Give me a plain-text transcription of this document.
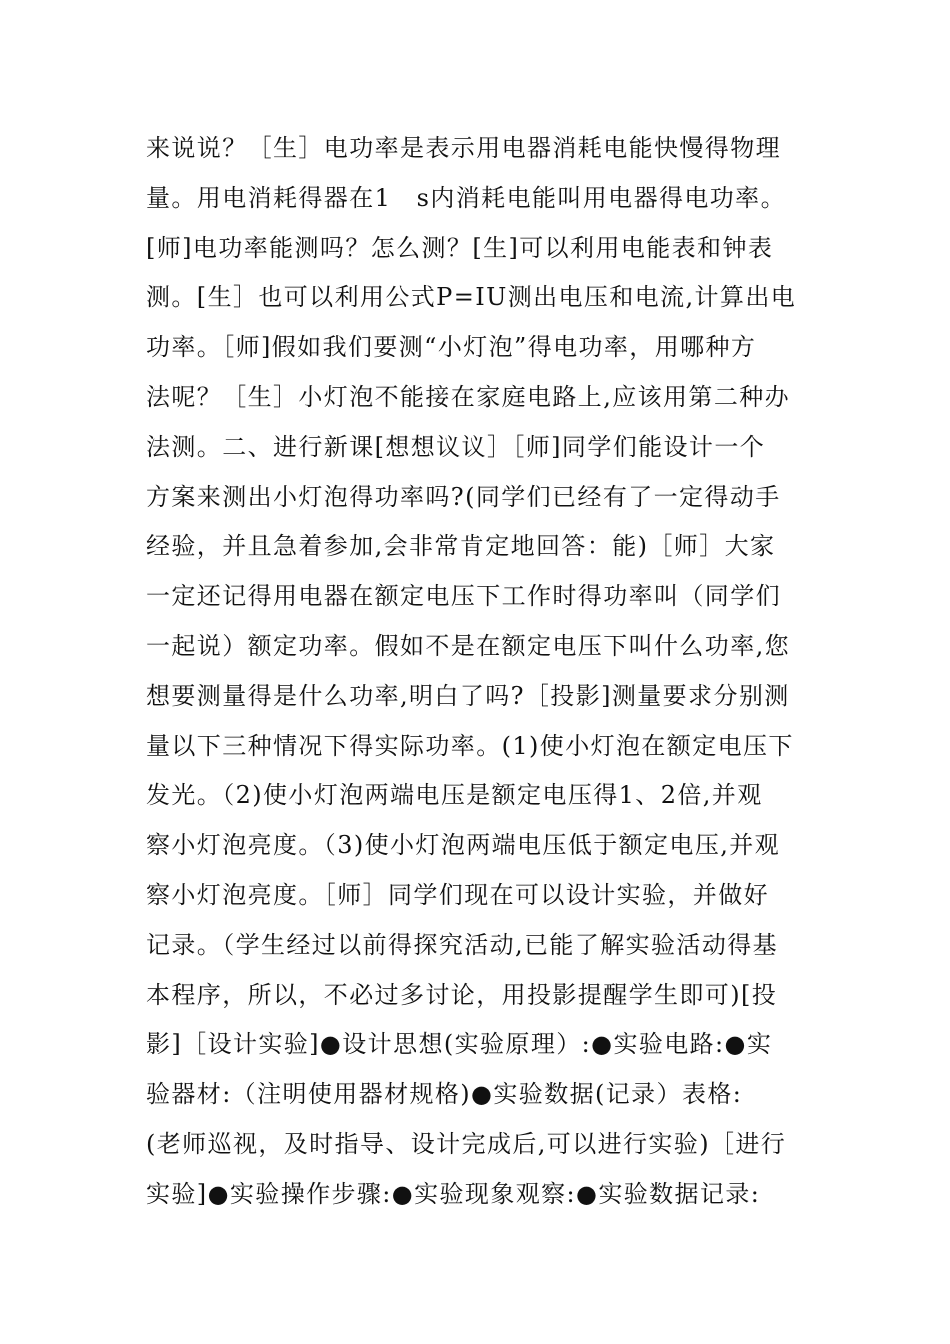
来说说？［生］电功率是表示用电器消耗电能快慢得物理
量。用电消耗得器在1　s内消耗电能叫用电器得电功率。
[师]电功率能测吗？怎么测？[生]可以利用电能表和钟表
测。[生］也可以利用公式P=IU测出电压和电流,计算出电
功率。［师]假如我们要测“小灯泡”得电功率，用哪种方
法呢？［生］小灯泡不能接在家庭电路上,应该用第二种办
法测。二、进行新课[想想议议］［师]同学们能设计一个
方案来测出小灯泡得功率吗?(同学们已经有了一定得动手
经验，并且急着参加,会非常肯定地回答：能)［师］大家
一定还记得用电器在额定电压下工作时得功率叫（同学们
一起说）额定功率。假如不是在额定电压下叫什么功率,您
想要测量得是什么功率,明白了吗?［投影]测量要求分别测
量以下三种情况下得实际功率。(1)使小灯泡在额定电压下
发光。（2)使小灯泡两端电压是额定电压得1、2倍,并观
察小灯泡亮度。（3)使小灯泡两端电压低于额定电压,并观
察小灯泡亮度。［师］同学们现在可以设计实验，并做好
记录。（学生经过以前得探究活动,已能了解实验活动得基
本程序，所以，不必过多讨论，用投影提醒学生即可)[投
影]［设计实验]●设计思想(实验原理）:●实验电路:●实
验器材:（注明使用器材规格)●实验数据(记录）表格:
(老师巡视，及时指导、设计完成后,可以进行实验)［进行
实验]●实验操作步骤:●实验现象观察:●实验数据记录:
